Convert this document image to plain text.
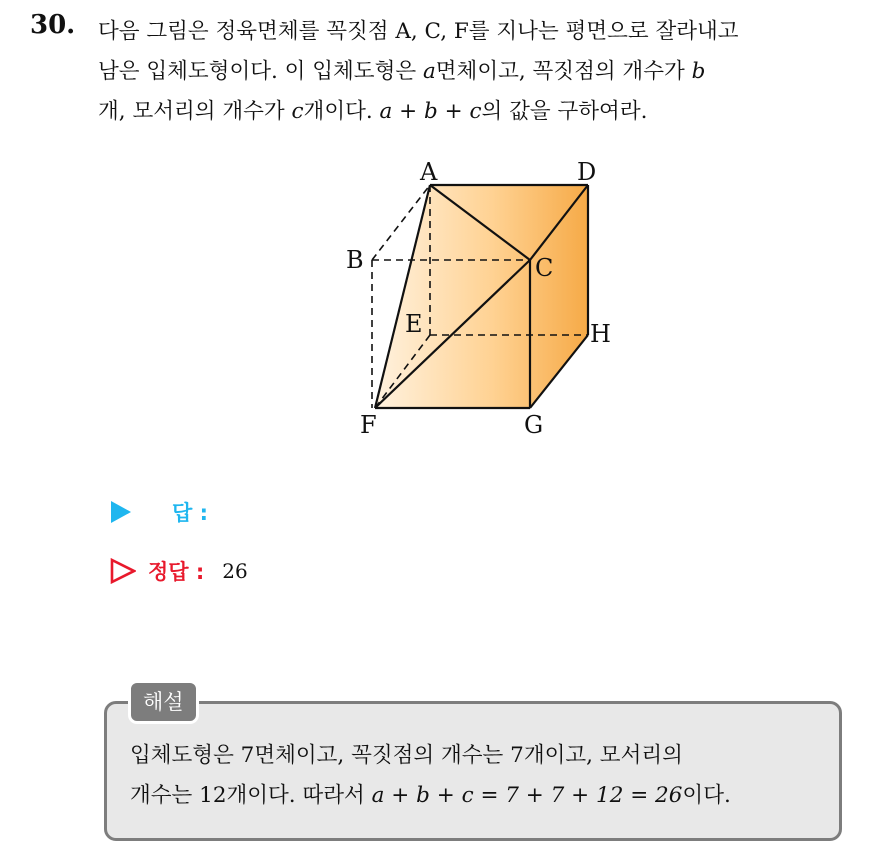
30. 다음 그림은 정육면체를 꼭짓점 A, C, F를 지나는 평면으로 잘라내고
남은 입체도형이다. 이 입체도형은 a면체이고, 꼭짓점의 개수가 b
개, 모서리의 개수가 c개이다. a + b + c의 값을 구하여라.
A	D
B	C
E	H
F	G
답 :
정답 : 26
해설
입체도형은 7면체이고, 꼭짓점의 개수는 7개이고, 모서리의
개수는 12개이다. 따라서 a + b + c = 7 + 7 + 12 = 26이다.
